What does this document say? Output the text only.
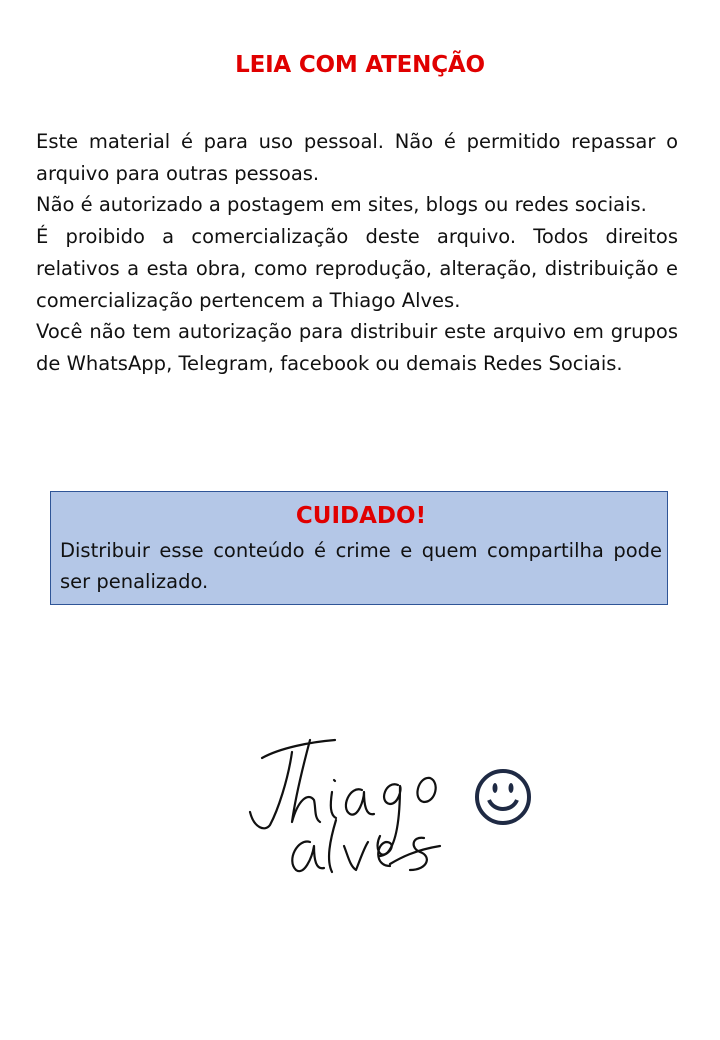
LEIA COM ATENÇÃO

Este material é para uso pessoal. Não é permitido repassar o arquivo para outras pessoas.

Não é autorizado a postagem em sites, blogs ou redes sociais.

É proibido a comercialização deste arquivo. Todos direitos relativos a esta obra, como reprodução, alteração, distribuição e comercialização pertencem a Thiago Alves.

Você não tem autorização para distribuir este arquivo em grupos de WhatsApp, Telegram, facebook ou demais Redes Sociais.

CUIDADO!
Distribuir esse conteúdo é crime e quem compartilha pode ser penalizado.
